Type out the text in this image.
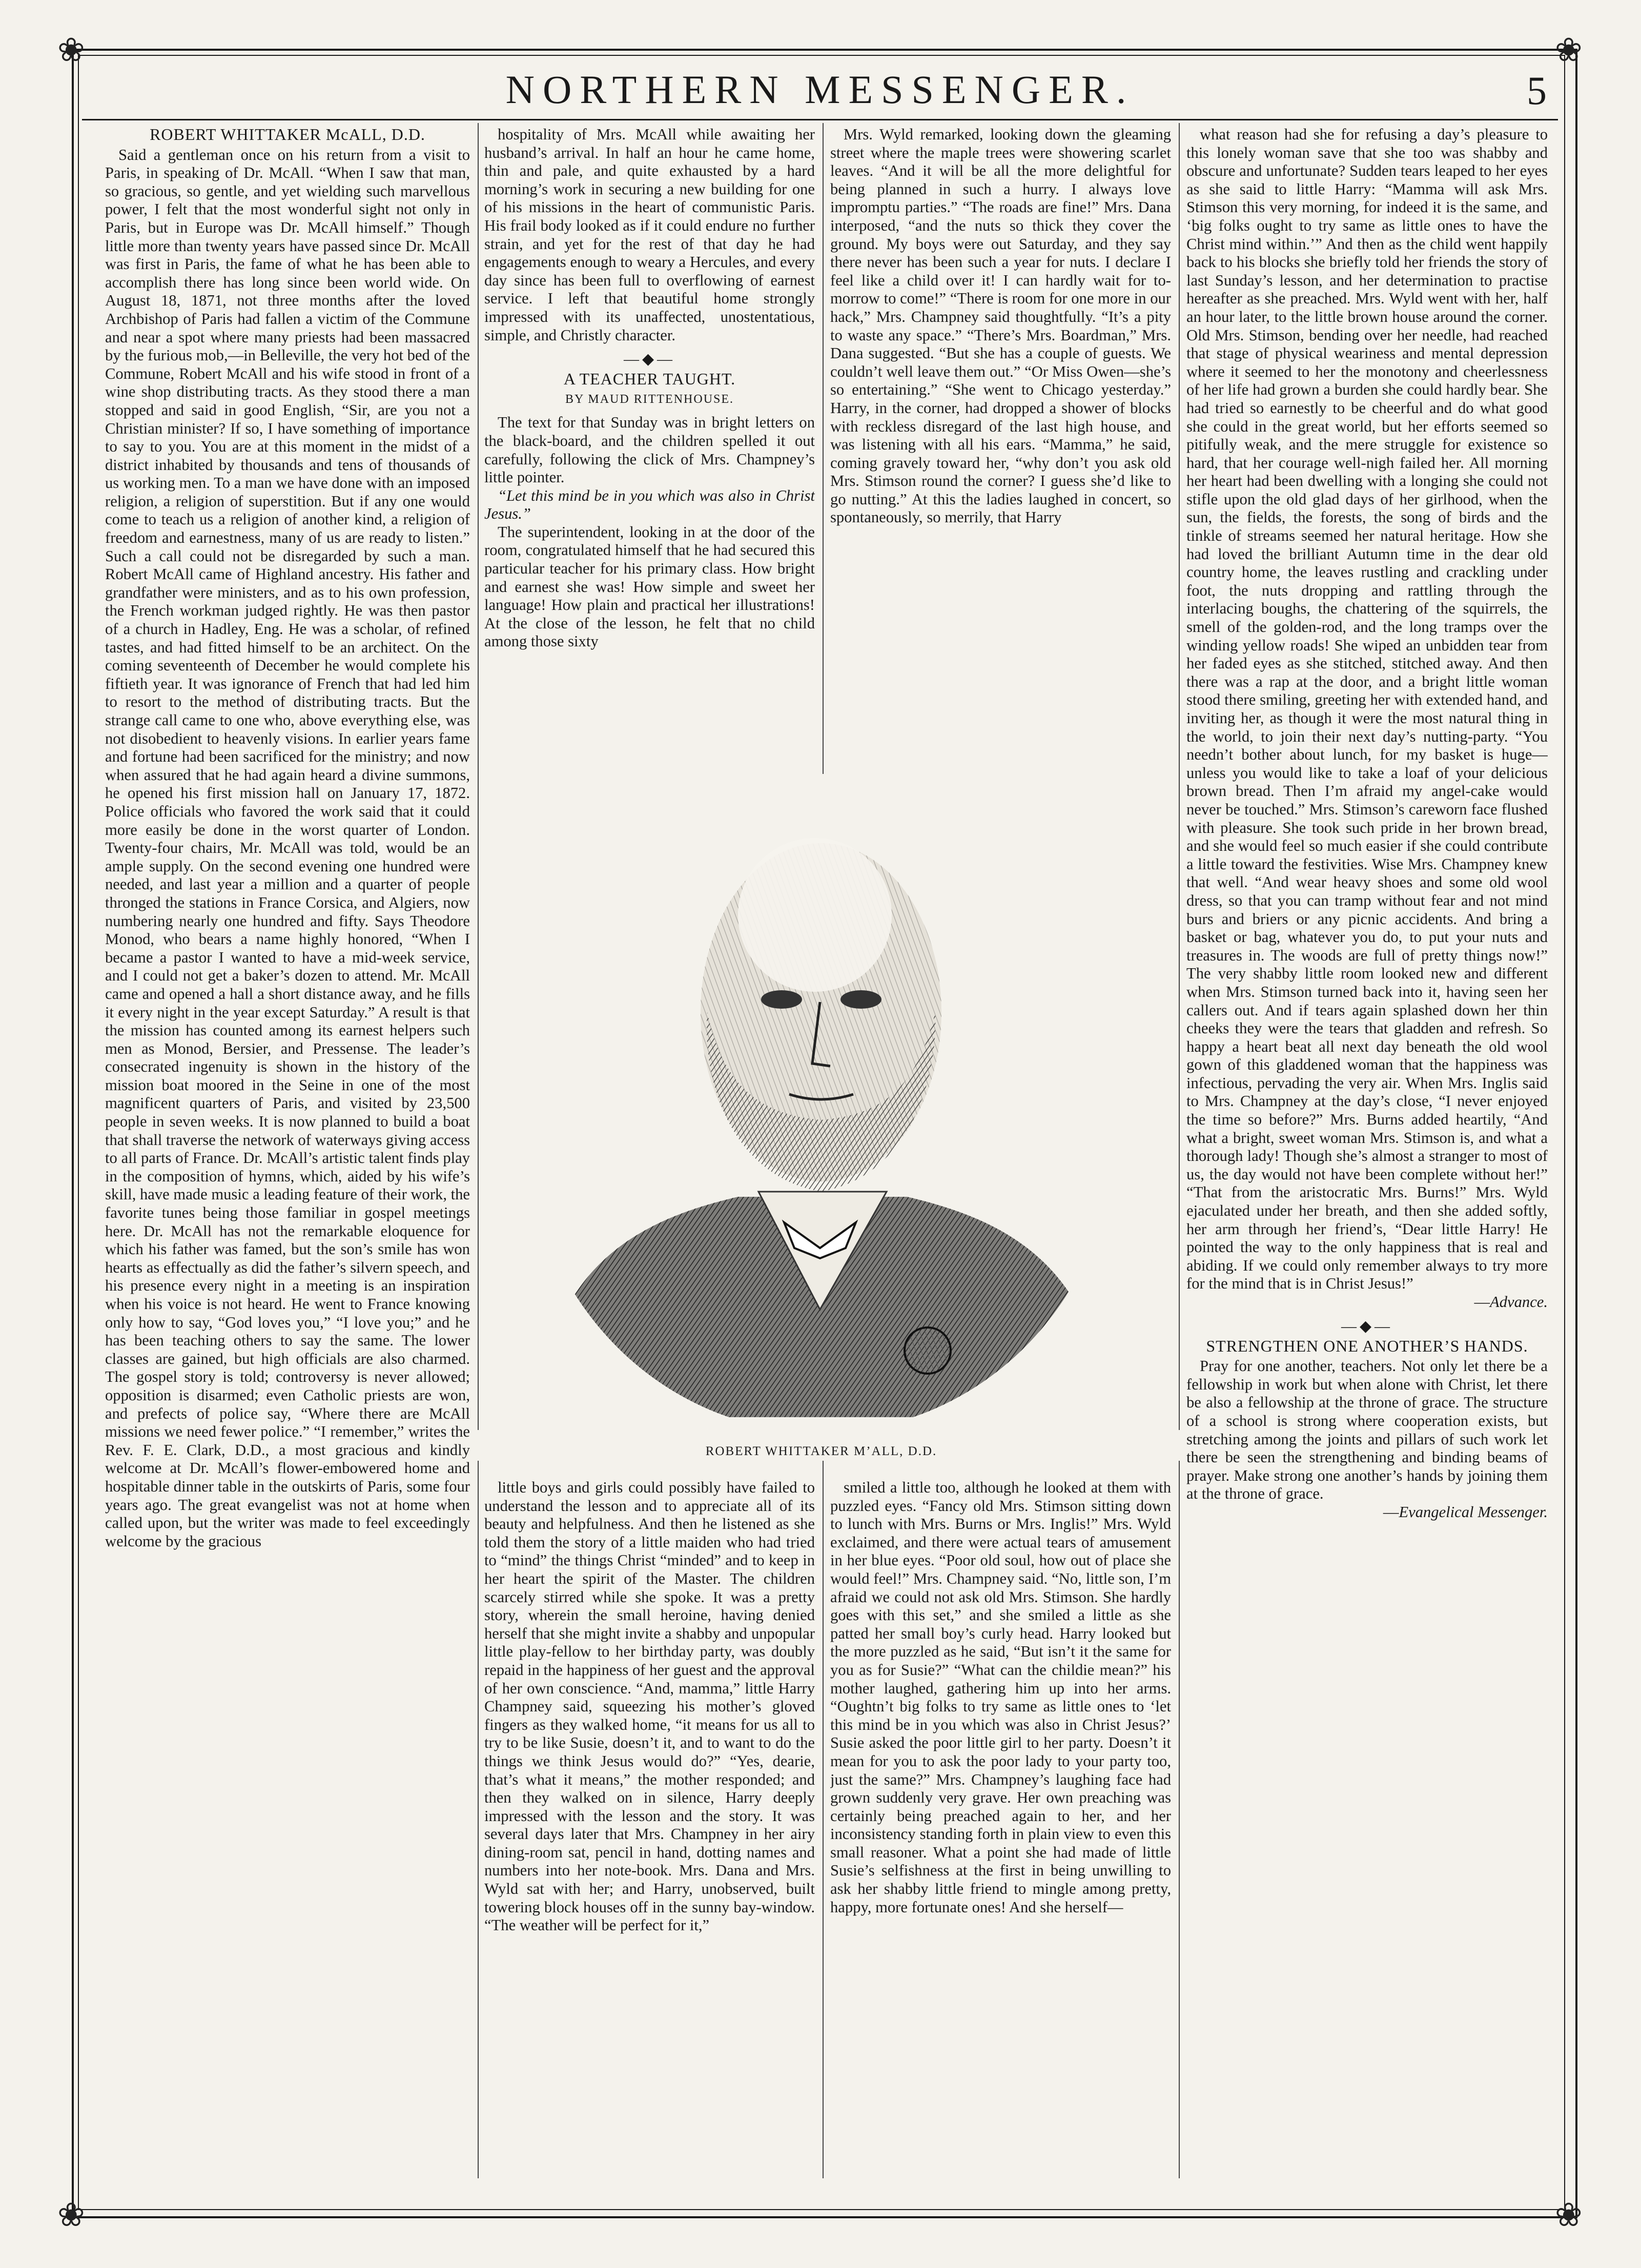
❀	❀
❀	❀
NORTHERN MESSENGER.	5
ROBERT WHITTAKER McALL, D.D.

Said a gentleman once on his return from a visit to Paris, in speaking of Dr. McAll. “When I saw that man, so gracious, so gentle, and yet wielding such marvellous power, I felt that the most wonderful sight not only in Paris, but in Europe was Dr. McAll himself.” Though little more than twenty years have passed since Dr. McAll was first in Paris, the fame of what he has been able to accomplish there has long since been world wide. On August 18, 1871, not three months after the loved Archbishop of Paris had fallen a victim of the Commune and near a spot where many priests had been massacred by the furious mob,—in Belleville, the very hot bed of the Commune, Robert McAll and his wife stood in front of a wine shop distributing tracts. As they stood there a man stopped and said in good English, “Sir, are you not a Christian minister? If so, I have something of importance to say to you. You are at this moment in the midst of a district inhabited by thousands and tens of thousands of us working men. To a man we have done with an imposed religion, a religion of superstition. But if any one would come to teach us a religion of another kind, a religion of freedom and earnestness, many of us are ready to listen.” Such a call could not be disregarded by such a man. Robert McAll came of Highland ancestry. His father and grandfather were ministers, and as to his own profession, the French workman judged rightly. He was then pastor of a church in Hadley, Eng. He was a scholar, of refined tastes, and had fitted himself to be an architect. On the coming seventeenth of December he would complete his fiftieth year. It was ignorance of French that had led him to resort to the method of distributing tracts. But the strange call came to one who, above everything else, was not disobedient to heavenly visions. In earlier years fame and fortune had been sacrificed for the ministry; and now when assured that he had again heard a divine summons, he opened his first mission hall on January 17, 1872. Police officials who favored the work said that it could more easily be done in the worst quarter of London. Twenty-four chairs, Mr. McAll was told, would be an ample supply. On the second evening one hundred were needed, and last year a million and a quarter of people thronged the stations in France Corsica, and Algiers, now numbering nearly one hundred and fifty. Says Theodore Monod, who bears a name highly honored, “When I became a pastor I wanted to have a mid-week service, and I could not get a baker’s dozen to attend. Mr. McAll came and opened a hall a short distance away, and he fills it every night in the year except Saturday.” A result is that the mission has counted among its earnest helpers such men as Monod, Bersier, and Pressense. The leader’s consecrated ingenuity is shown in the history of the mission boat moored in the Seine in one of the most magnificent quarters of Paris, and visited by 23,500 people in seven weeks. It is now planned to build a boat that shall traverse the network of waterways giving access to all parts of France. Dr. McAll’s artistic talent finds play in the composition of hymns, which, aided by his wife’s skill, have made music a leading feature of their work, the favorite tunes being those familiar in gospel meetings here. Dr. McAll has not the remarkable eloquence for which his father was famed, but the son’s smile has won hearts as effectually as did the father’s silvern speech, and his presence every night in a meeting is an inspiration when his voice is not heard. He went to France knowing only how to say, “God loves you,” “I love you;” and he has been teaching others to say the same. The lower classes are gained, but high officials are also charmed. The gospel story is told; controversy is never allowed; opposition is disarmed; even Catholic priests are won, and prefects of police say, “Where there are McAll missions we need fewer police.” “I remember,” writes the Rev. F. E. Clark, D.D., a most gracious and kindly welcome at Dr. McAll’s flower-embowered home and hospitable dinner table in the outskirts of Paris, some four years ago. The great evangelist was not at home when called upon, but the writer was made to feel exceedingly welcome by the gracious

hospitality of Mrs. McAll while awaiting her husband’s arrival. In half an hour he came home, thin and pale, and quite exhausted by a hard morning’s work in securing a new building for one of his missions in the heart of communistic Paris. His frail body looked as if it could endure no further strain, and yet for the rest of that day he had engagements enough to weary a Hercules, and every day since has been full to overflowing of earnest service. I left that beautiful home strongly impressed with its unaffected, unostentatious, simple, and Christly character.

—◆—
A TEACHER TAUGHT.
BY MAUD RITTENHOUSE.

The text for that Sunday was in bright letters on the black-board, and the children spelled it out carefully, following the click of Mrs. Champney’s little pointer.

“Let this mind be in you which was also in Christ Jesus.”

The superintendent, looking in at the door of the room, congratulated himself that he had secured this particular teacher for his primary class. How bright and earnest she was! How simple and sweet her language! How plain and practical her illustrations! At the close of the lesson, he felt that no child among those sixty

Mrs. Wyld remarked, looking down the gleaming street where the maple trees were showering scarlet leaves. “And it will be all the more delightful for being planned in such a hurry. I always love impromptu parties.” “The roads are fine!” Mrs. Dana interposed, “and the nuts so thick they cover the ground. My boys were out Saturday, and they say there never has been such a year for nuts. I declare I feel like a child over it! I can hardly wait for to-morrow to come!” “There is room for one more in our hack,” Mrs. Champney said thoughtfully. “It’s a pity to waste any space.” “There’s Mrs. Boardman,” Mrs. Dana suggested. “But she has a couple of guests. We couldn’t well leave them out.” “Or Miss Owen—she’s so entertaining.” “She went to Chicago yesterday.” Harry, in the corner, had dropped a shower of blocks with reckless disregard of the last high house, and was listening with all his ears. “Mamma,” he said, coming gravely toward her, “why don’t you ask old Mrs. Stimson round the corner? I guess she’d like to go nutting.” At this the ladies laughed in concert, so spontaneously, so merrily, that Harry

ROBERT WHITTAKER M’ALL, D.D.

little boys and girls could possibly have failed to understand the lesson and to appreciate all of its beauty and helpfulness. And then he listened as she told them the story of a little maiden who had tried to “mind” the things Christ “minded” and to keep in her heart the spirit of the Master. The children scarcely stirred while she spoke. It was a pretty story, wherein the small heroine, having denied herself that she might invite a shabby and unpopular little play-fellow to her birthday party, was doubly repaid in the happiness of her guest and the approval of her own conscience. “And, mamma,” little Harry Champney said, squeezing his mother’s gloved fingers as they walked home, “it means for us all to try to be like Susie, doesn’t it, and to want to do the things we think Jesus would do?” “Yes, dearie, that’s what it means,” the mother responded; and then they walked on in silence, Harry deeply impressed with the lesson and the story. It was several days later that Mrs. Champney in her airy dining-room sat, pencil in hand, dotting names and numbers into her note-book. Mrs. Dana and Mrs. Wyld sat with her; and Harry, unobserved, built towering block houses off in the sunny bay-window. “The weather will be perfect for it,”

smiled a little too, although he looked at them with puzzled eyes. “Fancy old Mrs. Stimson sitting down to lunch with Mrs. Burns or Mrs. Inglis!” Mrs. Wyld exclaimed, and there were actual tears of amusement in her blue eyes. “Poor old soul, how out of place she would feel!” Mrs. Champney said. “No, little son, I’m afraid we could not ask old Mrs. Stimson. She hardly goes with this set,” and she smiled a little as she patted her small boy’s curly head. Harry looked but the more puzzled as he said, “But isn’t it the same for you as for Susie?” “What can the childie mean?” his mother laughed, gathering him up into her arms. “Oughtn’t big folks to try same as little ones to ‘let this mind be in you which was also in Christ Jesus?’ Susie asked the poor little girl to her party. Doesn’t it mean for you to ask the poor lady to your party too, just the same?” Mrs. Champney’s laughing face had grown suddenly very grave. Her own preaching was certainly being preached again to her, and her inconsistency standing forth in plain view to even this small reasoner. What a point she had made of little Susie’s selfishness at the first in being unwilling to ask her shabby little friend to mingle among pretty, happy, more fortunate ones! And she herself—

what reason had she for refusing a day’s pleasure to this lonely woman save that she too was shabby and obscure and unfortunate? Sudden tears leaped to her eyes as she said to little Harry: “Mamma will ask Mrs. Stimson this very morning, for indeed it is the same, and ‘big folks ought to try same as little ones to have the Christ mind within.’” And then as the child went happily back to his blocks she briefly told her friends the story of last Sunday’s lesson, and her determination to practise hereafter as she preached. Mrs. Wyld went with her, half an hour later, to the little brown house around the corner. Old Mrs. Stimson, bending over her needle, had reached that stage of physical weariness and mental depression where it seemed to her the monotony and cheerlessness of her life had grown a burden she could hardly bear. She had tried so earnestly to be cheerful and do what good she could in the great world, but her efforts seemed so pitifully weak, and the mere struggle for existence so hard, that her courage well-nigh failed her. All morning her heart had been dwelling with a longing she could not stifle upon the old glad days of her girlhood, when the sun, the fields, the forests, the song of birds and the tinkle of streams seemed her natural heritage. How she had loved the brilliant Autumn time in the dear old country home, the leaves rustling and crackling under foot, the nuts dropping and rattling through the interlacing boughs, the chattering of the squirrels, the smell of the golden-rod, and the long tramps over the winding yellow roads! She wiped an unbidden tear from her faded eyes as she stitched, stitched away. And then there was a rap at the door, and a bright little woman stood there smiling, greeting her with extended hand, and inviting her, as though it were the most natural thing in the world, to join their next day’s nutting-party. “You needn’t bother about lunch, for my basket is huge—unless you would like to take a loaf of your delicious brown bread. Then I’m afraid my angel-cake would never be touched.” Mrs. Stimson’s careworn face flushed with pleasure. She took such pride in her brown bread, and she would feel so much easier if she could contribute a little toward the festivities. Wise Mrs. Champney knew that well. “And wear heavy shoes and some old wool dress, so that you can tramp without fear and not mind burs and briers or any picnic accidents. And bring a basket or bag, whatever you do, to put your nuts and treasures in. The woods are full of pretty things now!” The very shabby little room looked new and different when Mrs. Stimson turned back into it, having seen her callers out. And if tears again splashed down her thin cheeks they were the tears that gladden and refresh. So happy a heart beat all next day beneath the old wool gown of this gladdened woman that the happiness was infectious, pervading the very air. When Mrs. Inglis said to Mrs. Champney at the day’s close, “I never enjoyed the time so before?” Mrs. Burns added heartily, “And what a bright, sweet woman Mrs. Stimson is, and what a thorough lady! Though she’s almost a stranger to most of us, the day would not have been complete without her!” “That from the aristocratic Mrs. Burns!” Mrs. Wyld ejaculated under her breath, and then she added softly, her arm through her friend’s, “Dear little Harry! He pointed the way to the only happiness that is real and abiding. If we could only remember always to try more for the mind that is in Christ Jesus!”

—Advance.

—◆—
STRENGTHEN ONE ANOTHER’S HANDS.

Pray for one another, teachers. Not only let there be a fellowship in work but when alone with Christ, let there be also a fellowship at the throne of grace. The structure of a school is strong where cooperation exists, but stretching among the joints and pillars of such work let there be seen the strengthening and binding beams of prayer. Make strong one another’s hands by joining them at the throne of grace.

—Evangelical Messenger.
